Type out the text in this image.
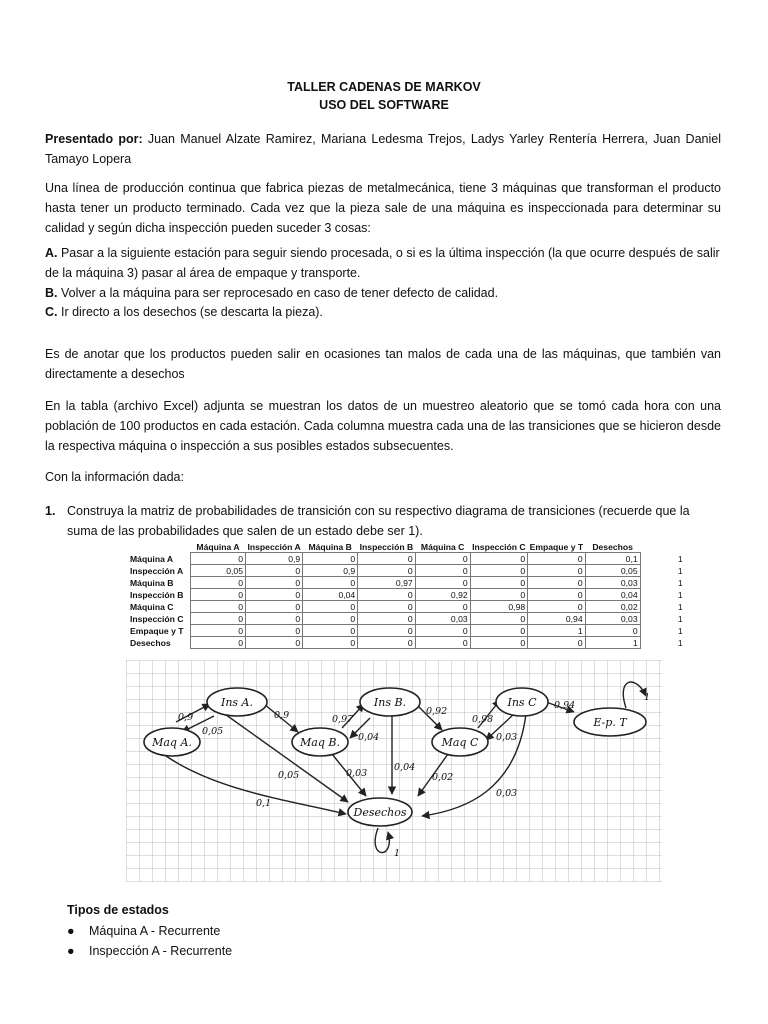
TALLER CADENAS DE MARKOV
USO DEL SOFTWARE

Presentado por: Juan Manuel Alzate Ramirez, Mariana Ledesma Trejos, Ladys Yarley Rentería Herrera, Juan Daniel Tamayo Lopera

Una línea de producción continua que fabrica piezas de metalmecánica, tiene 3 máquinas que transforman el producto hasta tener un producto terminado. Cada vez que la pieza sale de una máquina es inspeccionada para determinar su calidad y según dicha inspección pueden suceder 3 cosas:

A. Pasar a la siguiente estación para seguir siendo procesada, o si es la última inspección (la que ocurre después de salir de la máquina 3) pasar al área de empaque y transporte.
B. Volver a la máquina para ser reprocesado en caso de tener defecto de calidad.
C. Ir directo a los desechos (se descarta la pieza).

Es de anotar que los productos pueden salir en ocasiones tan malos de cada una de las máquinas, que también van directamente a desechos

En la tabla (archivo Excel) adjunta se muestran los datos de un muestreo aleatorio que se tomó cada hora con una población de 100 productos en cada estación. Cada columna muestra cada una de las transiciones que se hicieron desde la respectiva máquina o inspección a sus posibles estados subsecuentes.

Con la información dada:

1. Construya la matriz de probabilidades de transición con su respectivo diagrama de transiciones (recuerde que la suma de las probabilidades que salen de un estado debe ser 1).
	Máquina A	Inspección A	Máquina B	Inspección B	Máquina C	Inspección C	Empaque y T	Desechos	
Máquina A	0	0,9	0	0	0	0	0	0,1	1
Inspección A	0,05	0	0,9	0	0	0	0	0,05	1
Máquina B	0	0	0	0,97	0	0	0	0,03	1
Inspección B	0	0	0,04	0	0,92	0	0	0,04	1
Máquina C	0	0	0	0	0	0,98	0	0,02	1
Inspección C	0	0	0	0	0,03	0	0,94	0,03	1
Empaque y T	0	0	0	0	0	0	1	0	1
Desechos	0	0	0	0	0	0	0	1	1
Maq A.
Ins A.
Maq B.
Ins B.
Maq C
Ins C
E-p. T
Desechos
0,9
0,05
0,9	0,97
0,04
0,92
0,98
0,03
0,94
1
0,1
0,05	0,03
0,04
0,02
0,03
1
Tipos de estados
● Máquina A - Recurrente
● Inspección A - Recurrente
